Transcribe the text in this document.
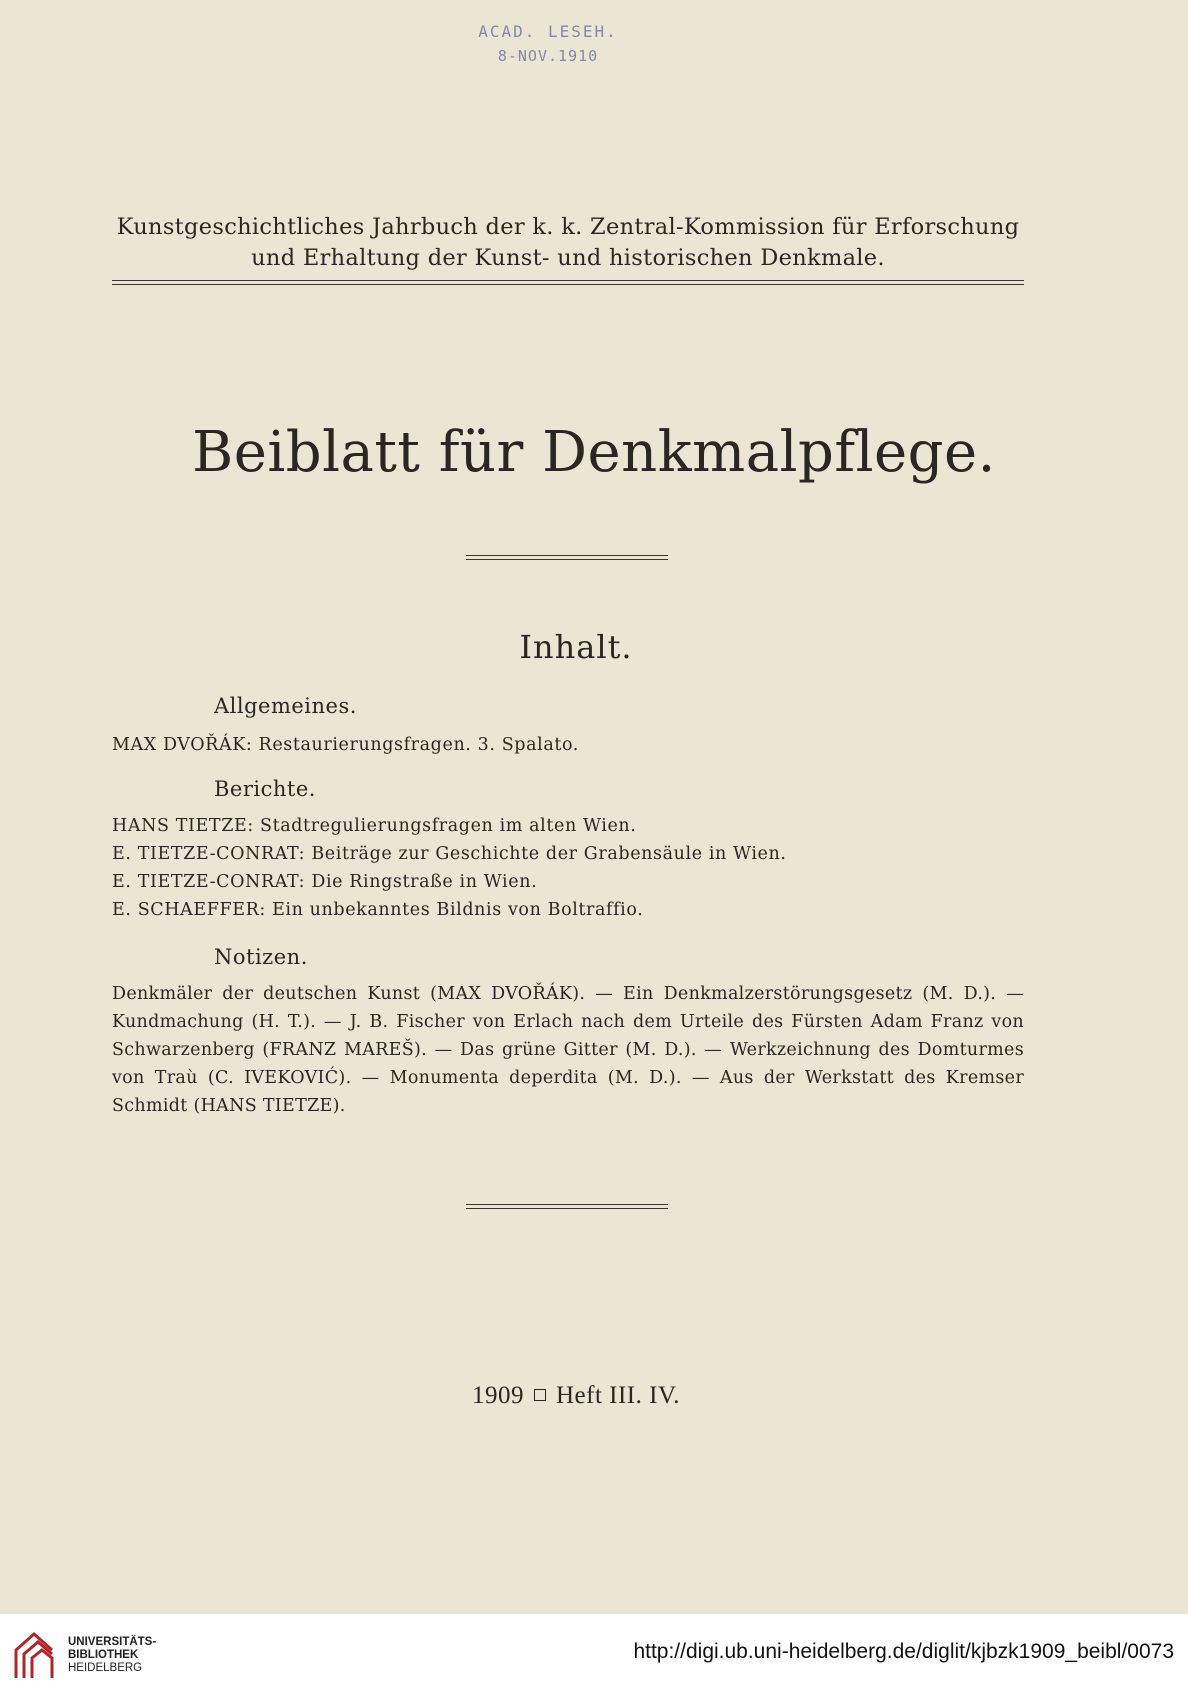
ACAD. LESEH.
8-NOV.1910
Kunstgeschichtliches Jahrbuch der k. k. Zentral-Kommission für Erforschung
und Erhaltung der Kunst- und historischen Denkmale.
Beiblatt für Denkmalpflege.
Inhalt.
Allgemeines.
MAX DVOŘÁK: Restaurierungsfragen. 3. Spalato.
Berichte.
HANS TIETZE: Stadtregulierungsfragen im alten Wien.
E. TIETZE-CONRAT: Beiträge zur Geschichte der Grabensäule in Wien.
E. TIETZE-CONRAT: Die Ringstraße in Wien.
E. SCHAEFFER: Ein unbekanntes Bildnis von Boltraffio.
Notizen.
Denkmäler der deutschen Kunst (MAX DVOŘÁK). — Ein Denkmalzerstörungsgesetz (M. D.). — Kundmachung (H. T.). — J. B. Fischer von Erlach nach dem Urteile des Fürsten Adam Franz von Schwarzenberg (FRANZ MAREŠ). — Das grüne Gitter (M. D.). — Werkzeichnung des Domturmes von Traù (C. IVEKOVIĆ). — Monumenta deperdita (M. D.). — Aus der Werkstatt des Kremser Schmidt (HANS TIETZE).
1909 Heft III. IV.
UNIVERSITÄTS-
BIBLIOTHEK
HEIDELBERG
http://digi.ub.uni-heidelberg.de/diglit/kjbzk1909_beibl/0073
